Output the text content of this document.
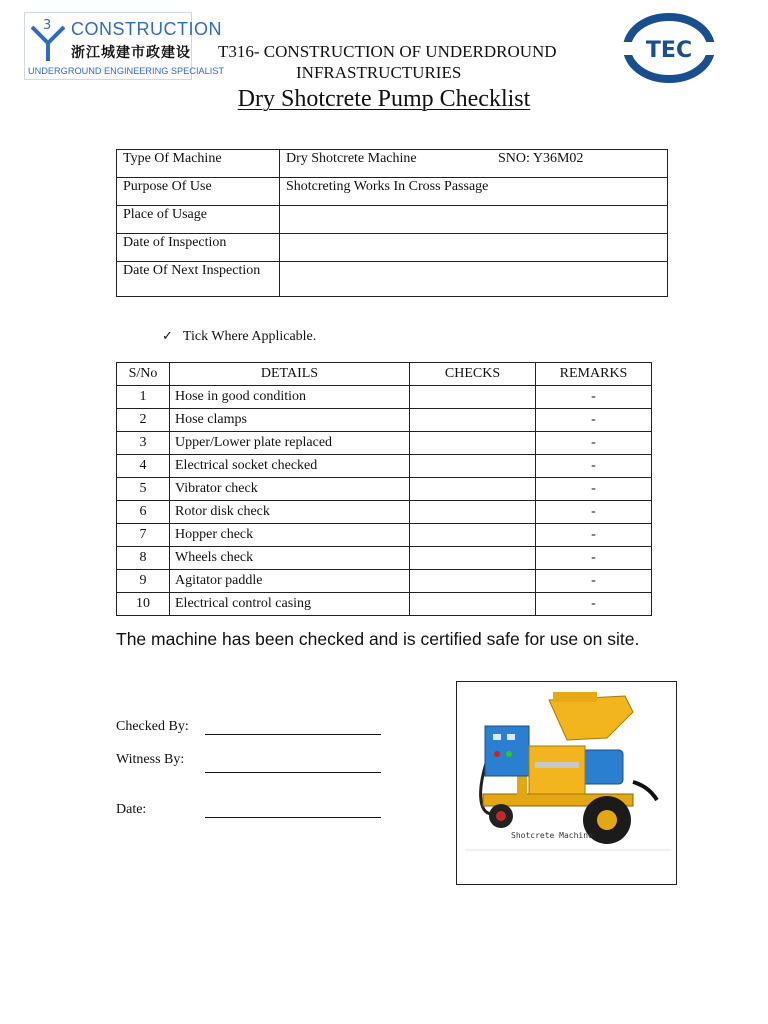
3 CONSTRUCTION
浙江城建市政建设
UNDERGROUND ENGINEERING SPECIALIST
T316- CONSTRUCTION OF UNDERDROUND
INFRASTRUCTURIES
Dry Shotcrete Pump Checklist
TEC
Type Of Machine	Dry Shotcrete Machine SNO: Y36M02

Purpose Of Use	Shotcreting Works In Cross Passage
Place of Usage	
Date of Inspection	
Date Of Next Inspection	
✓ Tick Where Applicable.
S/No	DETAILS	CHECKS	REMARKS
1	Hose in good condition		-
2	Hose clamps		-
3	Upper/Lower plate replaced		-
4	Electrical socket checked		-
5	Vibrator check		-
6	Rotor disk check		-
7	Hopper check		-
8	Wheels check		-
9	Agitator paddle		-
10	Electrical control casing		-
The machine has been checked and is certified safe for use on site.
Checked By:
Witness By:
Date:
Shotcrete Machine
